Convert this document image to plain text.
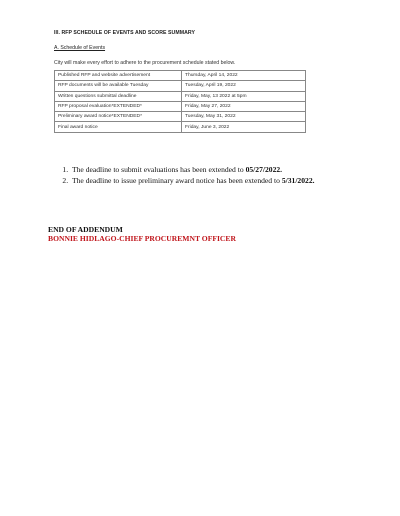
III. RFP SCHEDULE OF EVENTS AND SCORE SUMMARY
A. Schedule of Events
City will make every effort to adhere to the procurement schedule stated below.
Published RFP and website advertisement	Thursday, April 14, 2022
RFP documents will be available Tuesday	Tuesday, April 19, 2022
Written questions submittal deadline	Friday, May, 13 2022 at 5pm
RFP proposal evaluation*EXTENDED*	Friday, May 27, 2022
Preliminary award notice*EXTENDED*	Tuesday, May 31, 2022
Final award notice	Friday, June 3, 2022
1. The deadline to submit evaluations has been extended to 05/27/2022.
2. The deadline to issue preliminary award notice has been extended to 5/31/2022.
END OF ADDENDUM
BONNIE HIDLAGO-CHIEF PROCUREMNT OFFICER
